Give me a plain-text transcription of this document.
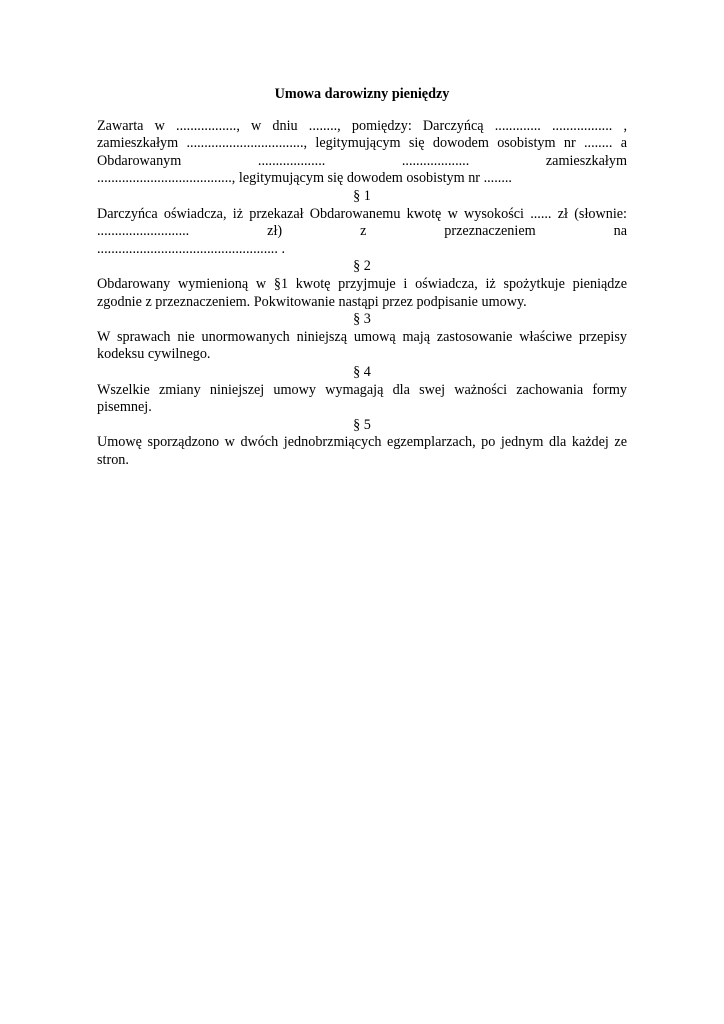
Umowa darowizny pieniędzy

Zawarta w ................., w dniu ........, pomiędzy: Darczyńcą ............. ................. , zamieszkałym ................................., legitymującym się dowodem osobistym nr ........ a Obdarowanym ................... ................... zamieszkałym

......................................, legitymującym się dowodem osobistym nr ........

§ 1

Darczyńca oświadcza, iż przekazał Obdarowanemu kwotę w wysokości ...... zł (słownie: .......................... zł) z przeznaczeniem na

................................................... .

§ 2

Obdarowany wymienioną w §1 kwotę przyjmuje i oświadcza, iż spożytkuje pieniądze zgodnie z przeznaczeniem. Pokwitowanie nastąpi przez podpisanie umowy.

§ 3

W sprawach nie unormowanych niniejszą umową mają zastosowanie właściwe przepisy kodeksu cywilnego.

§ 4

Wszelkie zmiany niniejszej umowy wymagają dla swej ważności zachowania formy pisemnej.

§ 5

Umowę sporządzono w dwóch jednobrzmiących egzemplarzach, po jednym dla każdej ze stron.
